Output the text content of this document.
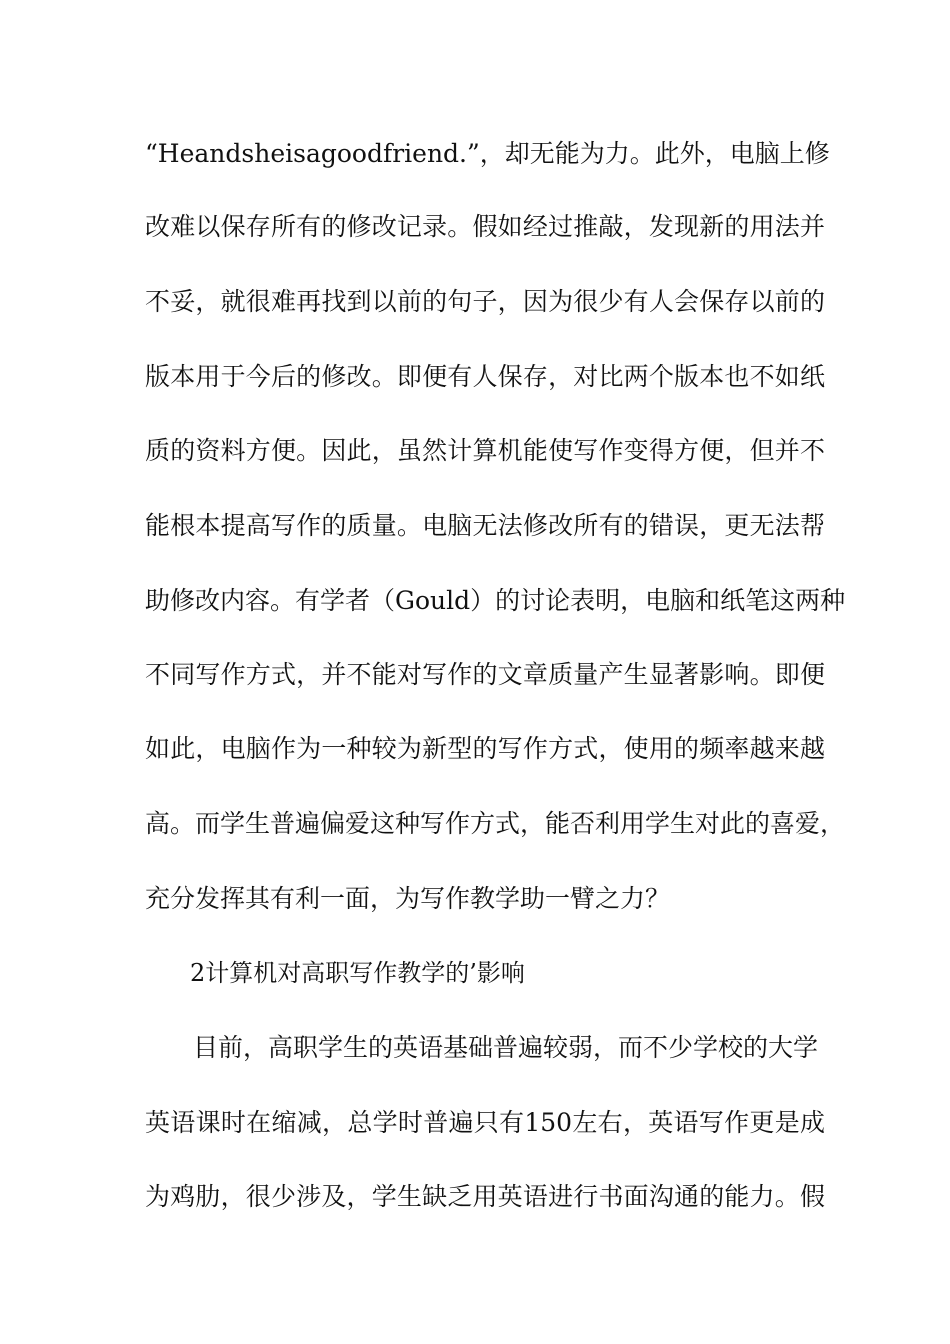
“Heandsheisagoodfriend.”，却无能为力。此外，电脑上修
改难以保存所有的修改记录。假如经过推敲，发现新的用法并
不妥，就很难再找到以前的句子，因为很少有人会保存以前的
版本用于今后的修改。即便有人保存，对比两个版本也不如纸
质的资料方便。因此，虽然计算机能使写作变得方便，但并不
能根本提高写作的质量。电脑无法修改所有的错误，更无法帮
助修改内容。有学者（Gould）的讨论表明，电脑和纸笔这两种
不同写作方式，并不能对写作的文章质量产生显著影响。即便
如此，电脑作为一种较为新型的写作方式，使用的频率越来越
高。而学生普遍偏爱这种写作方式，能否利用学生对此的喜爱，
充分发挥其有利一面，为写作教学助一臂之力？
2计算机对高职写作教学的’影响
目前，高职学生的英语基础普遍较弱，而不少学校的大学
英语课时在缩减，总学时普遍只有150左右，英语写作更是成
为鸡肋，很少涉及，学生缺乏用英语进行书面沟通的能力。假
